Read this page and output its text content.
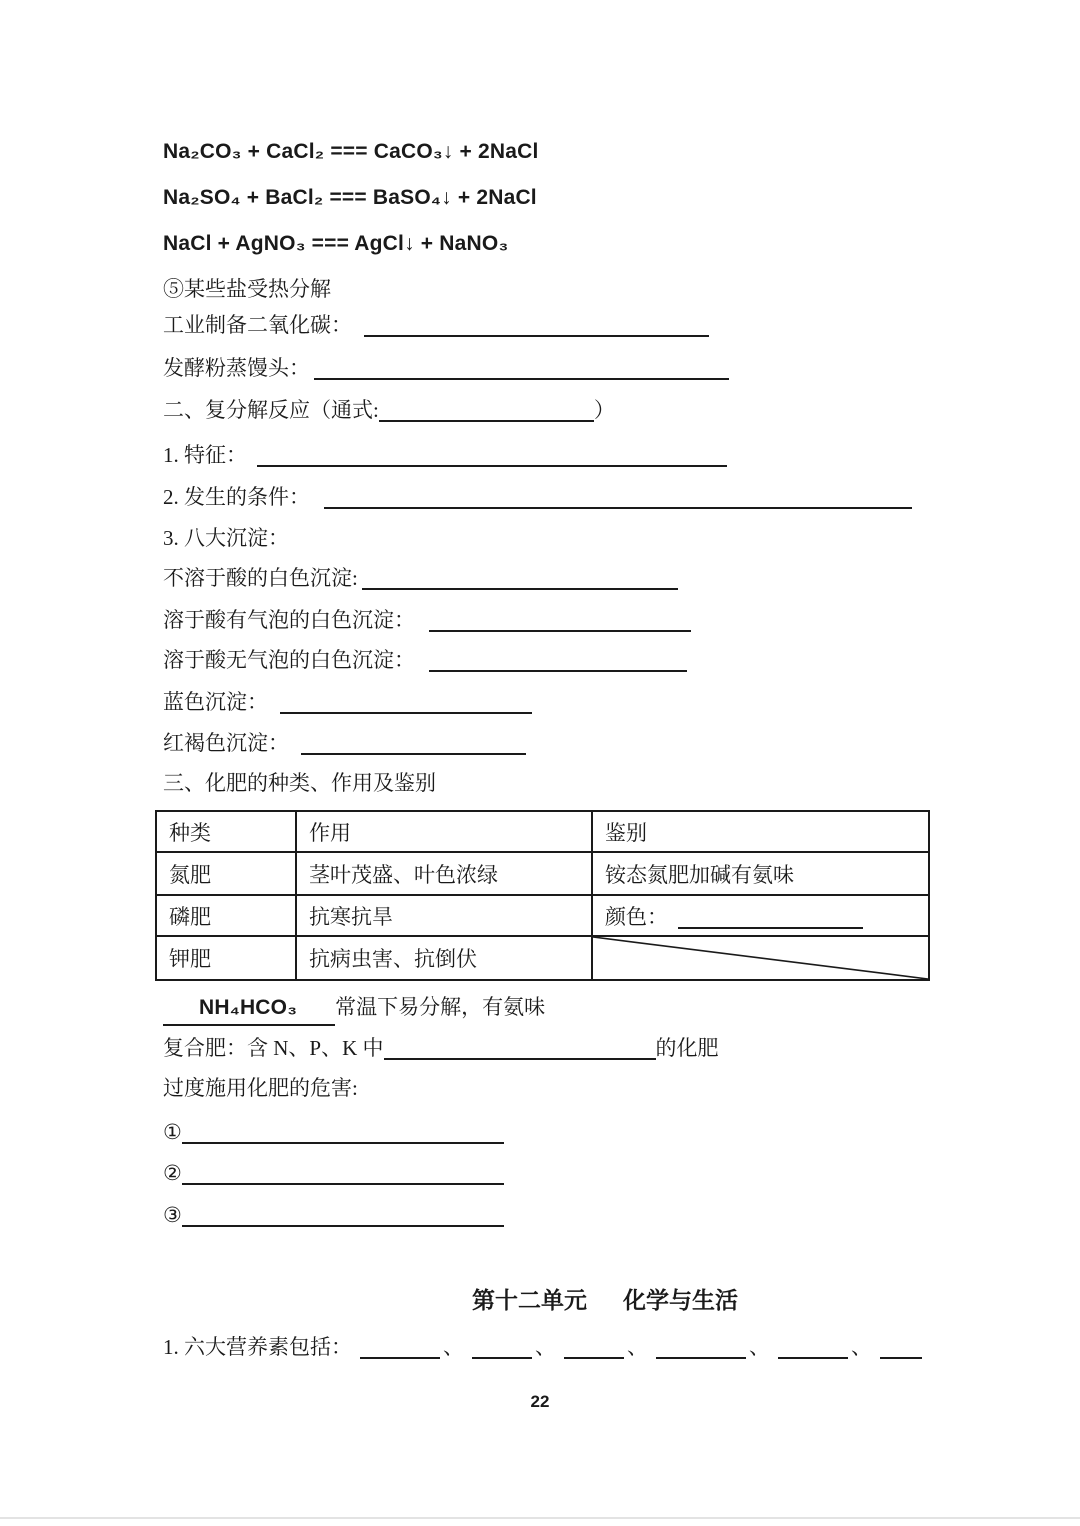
Na₂CO₃ + CaCl₂ === CaCO₃↓ + 2NaCl
Na₂SO₄ + BaCl₂ === BaSO₄↓ + 2NaCl
NaCl + AgNO₃ === AgCl↓ + NaNO₃
⑤某些盐受热分解
工业制备二氧化碳：
发酵粉蒸馒头：
二、复分解反应（通式:	）
1. 特征：
2. 发生的条件：
3. 八大沉淀：
不溶于酸的白色沉淀:
溶于酸有气泡的白色沉淀：
溶于酸无气泡的白色沉淀：
蓝色沉淀：
红褐色沉淀：
三、化肥的种类、作用及鉴别
种类	作用	鉴别
氮肥	茎叶茂盛、叶色浓绿	铵态氮肥加碱有氨味
磷肥	抗寒抗旱	颜色：
钾肥	抗病虫害、抗倒伏	
NH₄HCO₃ 常温下易分解，有氨味
复合肥：含 N、P、K 中	的化肥
过度施用化肥的危害:
①
②
③
第十二单元 化学与生活
1. 六大营养素包括：	、	、	、	、	、
22
